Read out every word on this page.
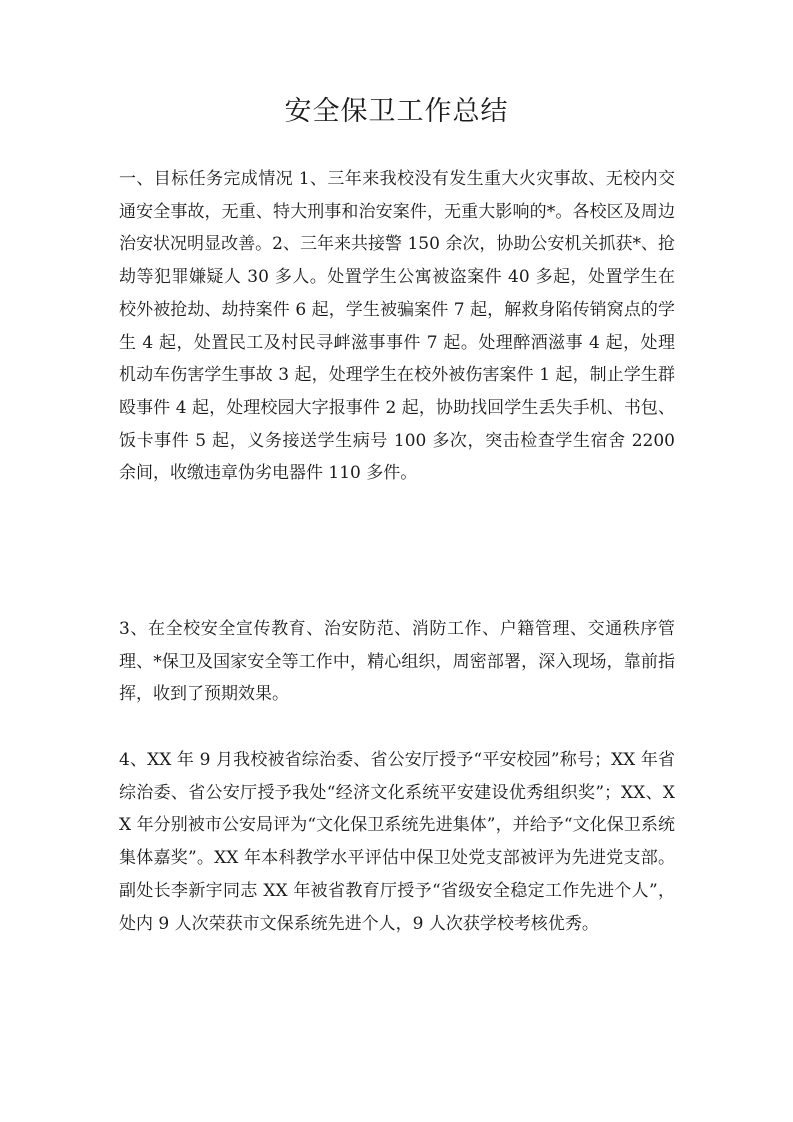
安全保卫工作总结

一、目标任务完成情况 1、三年来我校没有发生重大火灾事故、无校内交通安全事故，无重、特大刑事和治安案件，无重大影响的*。各校区及周边治安状况明显改善。2、三年来共接警 150 余次，协助公安机关抓获*、抢劫等犯罪嫌疑人 30 多人。处置学生公寓被盗案件 40 多起，处置学生在校外被抢劫、劫持案件 6 起，学生被骗案件 7 起，解救身陷传销窝点的学生 4 起，处置民工及村民寻衅滋事事件 7 起。处理醉酒滋事 4 起，处理机动车伤害学生事故 3 起，处理学生在校外被伤害案件 1 起，制止学生群殴事件 4 起，处理校园大字报事件 2 起，协助找回学生丢失手机、书包、饭卡事件 5 起，义务接送学生病号 100 多次，突击检查学生宿舍 2200 余间，收缴违章伪劣电器件 110 多件。

3、在全校安全宣传教育、治安防范、消防工作、户籍管理、交通秩序管理、*保卫及国家安全等工作中，精心组织，周密部署，深入现场，靠前指挥，收到了预期效果。

4、XX 年 9 月我校被省综治委、省公安厅授予“平安校园”称号；XX 年省综治委、省公安厅授予我处“经济文化系统平安建设优秀组织奖”；XX、XX 年分别被市公安局评为“文化保卫系统先进集体”，并给予“文化保卫系统集体嘉奖”。XX 年本科教学水平评估中保卫处党支部被评为先进党支部。副处长李新宇同志 XX 年被省教育厅授予“省级安全稳定工作先进个人”，处内 9 人次荣获市文保系统先进个人，9 人次获学校考核优秀。
